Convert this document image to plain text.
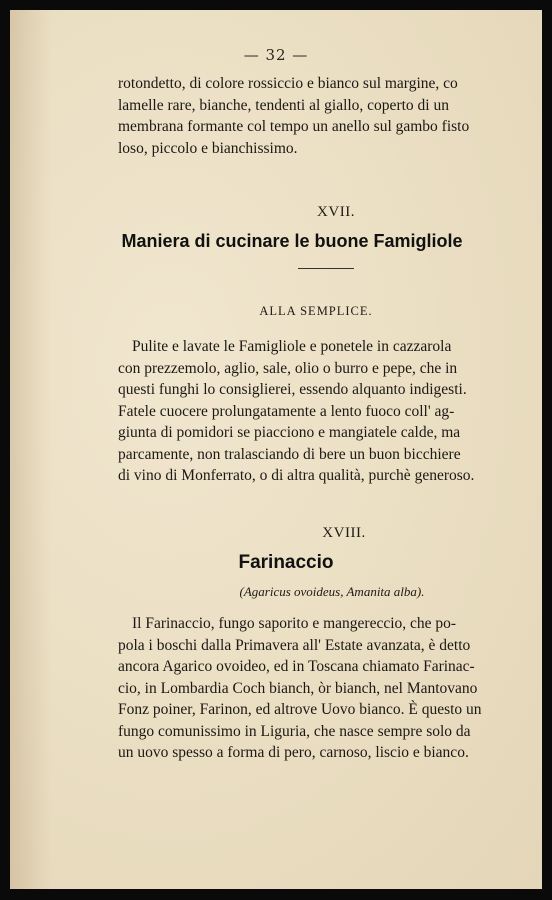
— 32 —
rotondetto, di colore rossiccio e bianco sul margine, co
lamelle rare, bianche, tendenti al giallo, coperto di un
membrana formante col tempo un anello sul gambo fisto
loso, piccolo e bianchissimo.
XVII.
Maniera di cucinare le buone Famigliole
ALLA SEMPLICE.
Pulite e lavate le Famigliole e ponetele in cazzarola
con prezzemolo, aglio, sale, olio o burro e pepe, che in
questi funghi lo consiglierei, essendo alquanto indigesti.
Fatele cuocere prolungatamente a lento fuoco coll' ag-
giunta di pomidori se piacciono e mangiatele calde, ma
parcamente, non tralasciando di bere un buon bicchiere
di vino di Monferrato, o di altra qualità, purchè generoso.
XVIII.
Farinaccio
(Agaricus ovoideus, Amanita alba).
Il Farinaccio, fungo saporito e mangereccio, che po-
pola i boschi dalla Primavera all' Estate avanzata, è detto
ancora Agarico ovoideo, ed in Toscana chiamato Farinac-
cio, in Lombardia Coch bianch, òr bianch, nel Mantovano
Fonz poiner, Farinon, ed altrove Uovo bianco. È questo un
fungo comunissimo in Liguria, che nasce sempre solo da
un uovo spesso a forma di pero, carnoso, liscio e bianco.
